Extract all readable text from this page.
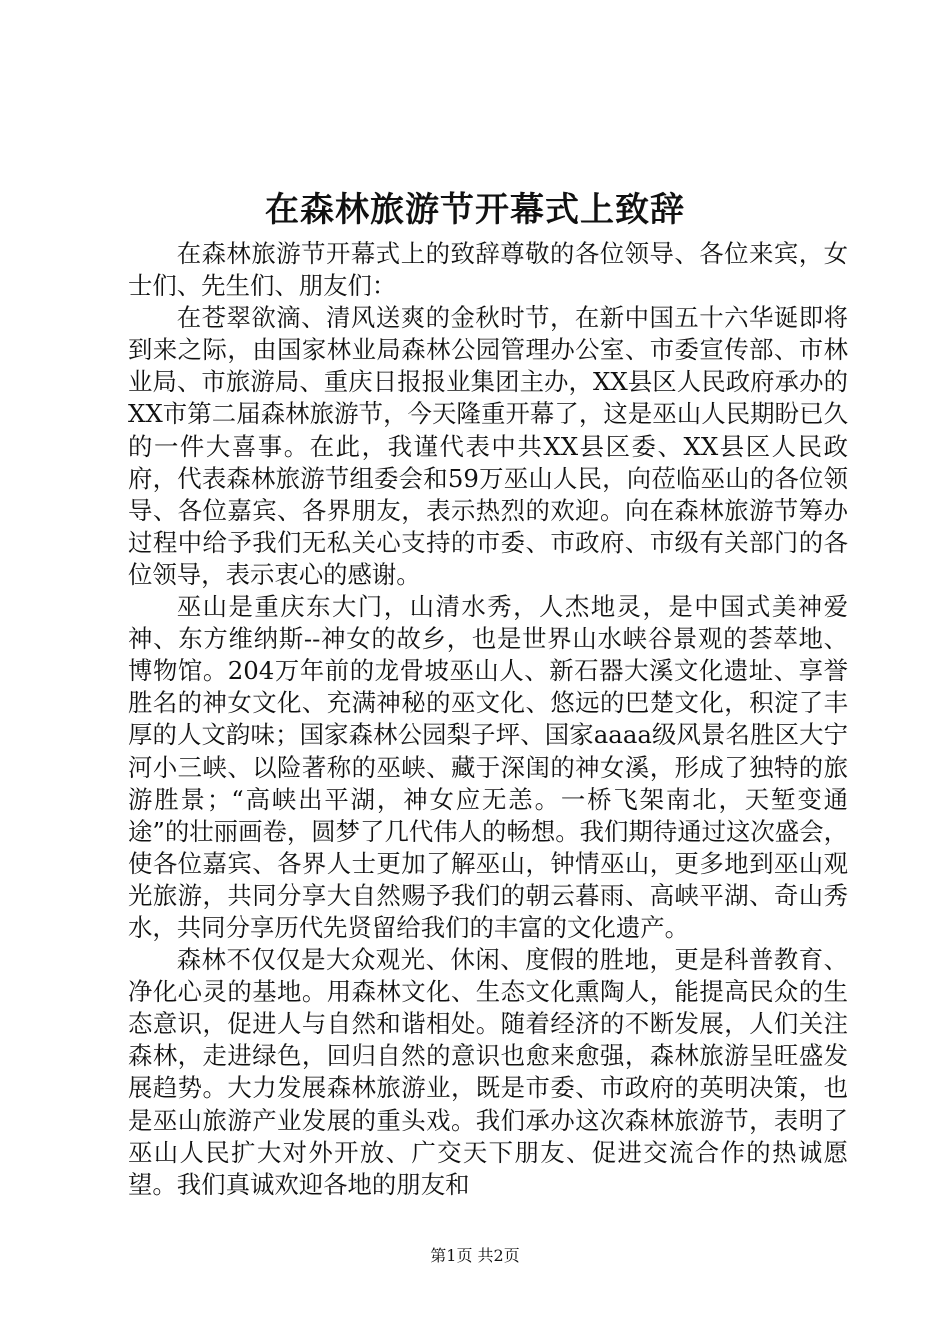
在森林旅游节开幕式上致辞

在森林旅游节开幕式上的致辞尊敬的各位领导、各位来宾，女士们、先生们、朋友们：

在苍翠欲滴、清风送爽的金秋时节，在新中国五十六华诞即将到来之际，由国家林业局森林公园管理办公室、市委宣传部、市林业局、市旅游局、重庆日报报业集团主办，XX县区人民政府承办的XX市第二届森林旅游节，今天隆重开幕了，这是巫山人民期盼已久的一件大喜事。在此，我谨代表中共XX县区委、XX县区人民政府，代表森林旅游节组委会和59万巫山人民，向莅临巫山的各位领导、各位嘉宾、各界朋友，表示热烈的欢迎。向在森林旅游节筹办过程中给予我们无私关心支持的市委、市政府、市级有关部门的各位领导，表示衷心的感谢。

巫山是重庆东大门，山清水秀，人杰地灵，是中国式美神爱神、东方维纳斯--神女的故乡，也是世界山水峡谷景观的荟萃地、博物馆。204万年前的龙骨坡巫山人、新石器大溪文化遗址、享誉胜名的神女文化、充满神秘的巫文化、悠远的巴楚文化，积淀了丰厚的人文韵味；国家森林公园梨子坪、国家aaaa级风景名胜区大宁河小三峡、以险著称的巫峡、藏于深闺的神女溪，形成了独特的旅游胜景；“高峡出平湖，神女应无恙。一桥飞架南北，天堑变通途”的壮丽画卷，圆梦了几代伟人的畅想。我们期待通过这次盛会，使各位嘉宾、各界人士更加了解巫山，钟情巫山，更多地到巫山观光旅游，共同分享大自然赐予我们的朝云暮雨、高峡平湖、奇山秀水，共同分享历代先贤留给我们的丰富的文化遗产。

森林不仅仅是大众观光、休闲、度假的胜地，更是科普教育、净化心灵的基地。用森林文化、生态文化熏陶人，能提高民众的生态意识，促进人与自然和谐相处。随着经济的不断发展，人们关注森林，走进绿色，回归自然的意识也愈来愈强，森林旅游呈旺盛发展趋势。大力发展森林旅游业，既是市委、市政府的英明决策，也是巫山旅游产业发展的重头戏。我们承办这次森林旅游节，表明了巫山人民扩大对外开放、广交天下朋友、促进交流合作的热诚愿望。我们真诚欢迎各地的朋友和

第1页 共2页
